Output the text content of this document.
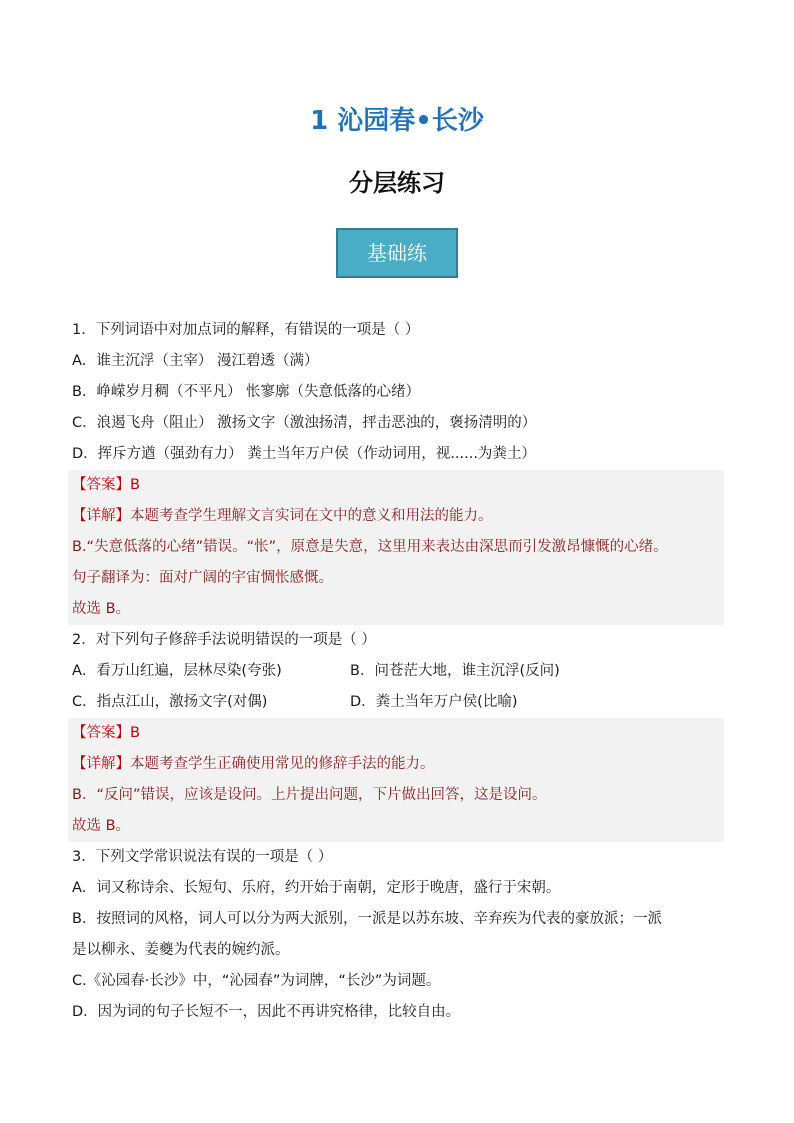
1 沁园春•长沙
分层练习
基础练
1．下列词语中对加点词的解释，有错误的一项是（ ）
A．谁主沉浮（主宰） 漫江碧透（满）
B．峥嵘岁月稠（不平凡） 怅寥廓（失意低落的心绪）
C．浪遏飞舟（阻止） 激扬文字（激浊扬清，抨击恶浊的，褒扬清明的）
D．挥斥方遒（强劲有力） 粪土当年万户侯（作动词用，视......为粪土）
【答案】B
【详解】本题考查学生理解文言实词在文中的意义和用法的能力。
B.“失意低落的心绪”错误。“怅”，原意是失意，这里用来表达由深思而引发激昂慷慨的心绪。
句子翻译为：面对广阔的宇宙惆怅感慨。
故选 B。
2．对下列句子修辞手法说明错误的一项是（ ）
A．看万山红遍，层林尽染(夸张)	B．问苍茫大地，谁主沉浮(反问)
C．指点江山，激扬文字(对偶)	D．粪土当年万户侯(比喻)
【答案】B
【详解】本题考查学生正确使用常见的修辞手法的能力。
B．“反问”错误，应该是设问。上片提出问题，下片做出回答，这是设问。
故选 B。
3．下列文学常识说法有误的一项是（ ）
A．词又称诗余、长短句、乐府，约开始于南朝，定形于晚唐，盛行于宋朝。
B．按照词的风格，词人可以分为两大派别，一派是以苏东坡、辛弃疾为代表的豪放派；一派
是以柳永、姜夔为代表的婉约派。
C.《沁园春·长沙》中，“沁园春”为词牌，“长沙”为词题。
D．因为词的句子长短不一，因此不再讲究格律，比较自由。
